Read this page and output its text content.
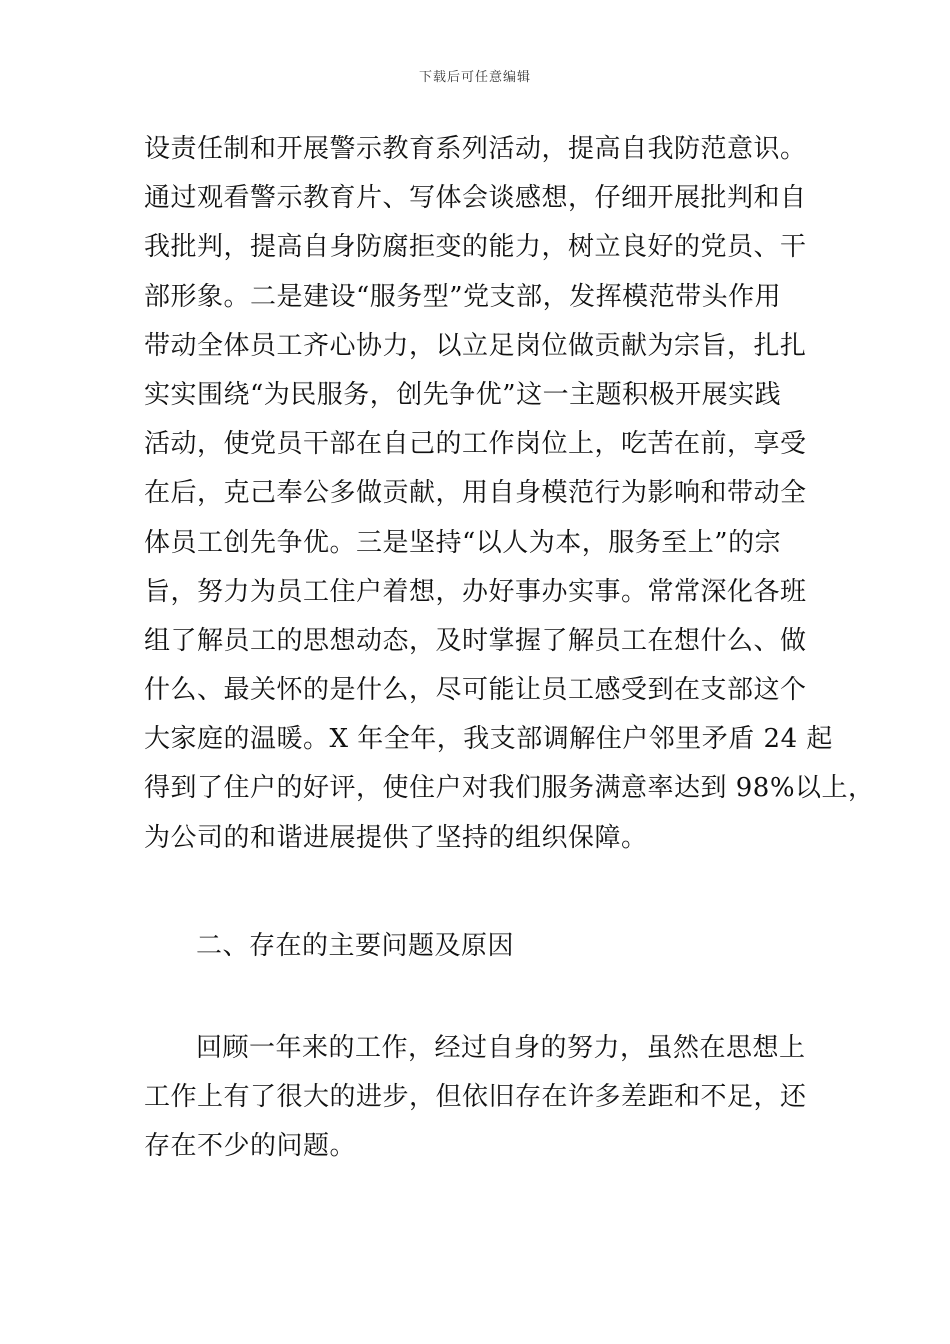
下载后可任意编辑
设责任制和开展警示教育系列活动，提高自我防范意识。
通过观看警示教育片、写体会谈感想，仔细开展批判和自
我批判，提高自身防腐拒变的能力，树立良好的党员、干
部形象。二是建设“服务型”党支部，发挥模范带头作用
带动全体员工齐心协力，以立足岗位做贡献为宗旨，扎扎
实实围绕“为民服务，创先争优”这一主题积极开展实践
活动，使党员干部在自己的工作岗位上，吃苦在前，享受
在后，克己奉公多做贡献，用自身模范行为影响和带动全
体员工创先争优。三是坚持“以人为本，服务至上”的宗
旨，努力为员工住户着想，办好事办实事。常常深化各班
组了解员工的思想动态，及时掌握了解员工在想什么、做
什么、最关怀的是什么，尽可能让员工感受到在支部这个
大家庭的温暖。X 年全年，我支部调解住户邻里矛盾 24 起
得到了住户的好评，使住户对我们服务满意率达到 98%以上，
为公司的和谐进展提供了坚持的组织保障。
二、存在的主要问题及原因
回顾一年来的工作，经过自身的努力，虽然在思想上
工作上有了很大的进步，但依旧存在许多差距和不足，还
存在不少的问题。
